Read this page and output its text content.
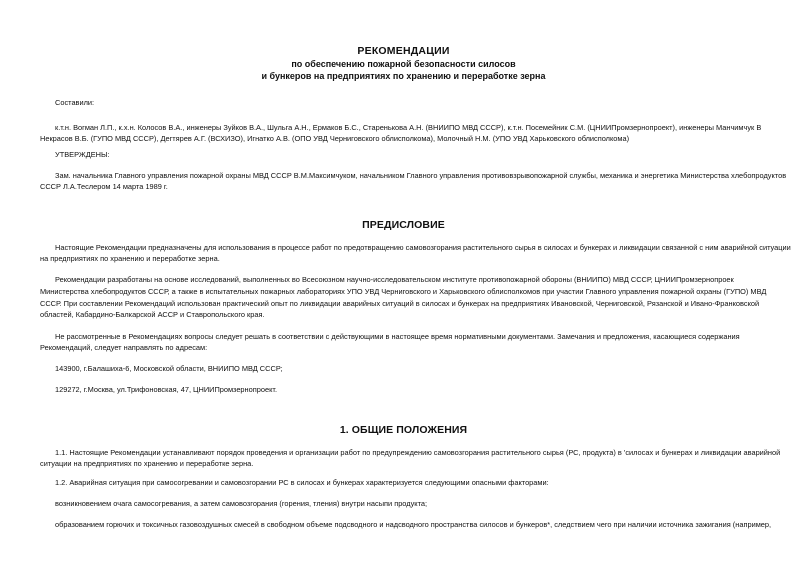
РЕКОМЕНДАЦИИ
по обеспечению пожарной безопасности силосов
и бункеров на предприятиях по хранению и переработке зерна
Составили:
к.т.н. Вогман Л.П., к.х.н. Колосов В.А., инженеры Зуйков В.А., Шульга А.Н., Ермаков Б.С., Старенькова А.Н. (ВНИИПО МВД СССР), к.т.н. Посемейник С.М. (ЦНИИПромзернопроект), инженеры Манчимчук В
Некрасов В.Б. (ГУПО МВД СССР), Дегтярев А.Г. (ВСХИЗО), Игнатко А.В. (ОПО УВД Черниговского облисполкома), Молочный Н.М. (УПО УВД Харьковского облисполкома)
УТВЕРЖДЕНЫ:
Зам. начальника Главного управления пожарной охраны МВД СССР В.М.Максимчуком, начальником Главного управления противовзрывопожарной службы, механика и энергетика Министерства хлебопродуктов
СССР Л.А.Теслером 14 марта 1989 г.
ПРЕДИСЛОВИЕ
Настоящие Рекомендации предназначены для использования в процессе работ по предотвращению самовозгорания растительного сырья в силосах и бункерах и ликвидации связанной с ним аварийной ситуации
на предприятиях по хранению и переработке зерна.
Рекомендации разработаны на основе исследований, выполненных во Всесоюзном научно-исследовательском институте противопожарной обороны (ВНИИПО) МВД СССР, ЦНИИПромзернопроек
Министерства хлебопродуктов СССР, а также в испытательных пожарных лабораториях УПО УВД Черниговского и Харьковского облисполкомов при участии Главного управления пожарной охраны (ГУПО) МВД
СССР. При составлении Рекомендаций использован практический опыт по ликвидации аварийных ситуаций в силосах и бункерах на предприятиях Ивановской, Черниговской, Рязанской и Ивано-Франковской
областей, Кабардино-Балкарской АССР и Ставропольского края.
Не рассмотренные в Рекомендациях вопросы следует решать в соответствии с действующими в настоящее время нормативными документами. Замечания и предложения, касающиеся содержания
Рекомендаций, следует направлять по адресам:
143900, г.Балашиха-6, Московской области, ВНИИПО МВД СССР;
129272, г.Москва, ул.Трифоновская, 47, ЦНИИПромзернопроект.
1. ОБЩИЕ ПОЛОЖЕНИЯ
1.1. Настоящие Рекомендации устанавливают порядок проведения и организации работ по предупреждению самовозгорания растительного сырья (РС, продукта) в 'силосах и бункерах и ликвидации аварийной
ситуации на предприятиях по хранению и переработке зерна.
1.2. Аварийная ситуация при самосогревании и самовозгорании РС в силосах и бункерах характеризуется следующими опасными факторами:
возникновением очага самосогревания, а затем самовозгорания (горения, тления) внутри насыпи продукта;
образованием горючих и токсичных газовоздушных смесей в свободном объеме подсводного и надсводного пространства силосов и бункеров*, следствием чего при наличии источника зажигания (например,
